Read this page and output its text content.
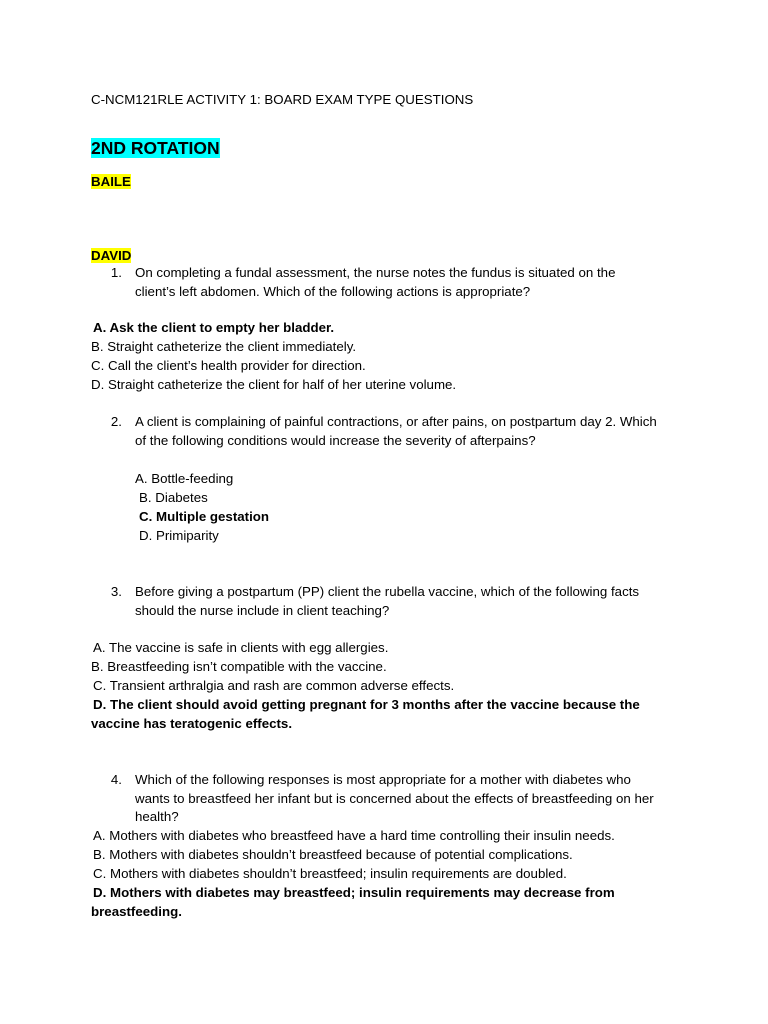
C-NCM121RLE ACTIVITY 1: BOARD EXAM TYPE QUESTIONS
2ND ROTATION
BAILE
DAVID
1. On completing a fundal assessment, the nurse notes the fundus is situated on the
client’s left abdomen. Which of the following actions is appropriate?
A. Ask the client to empty her bladder.
B. Straight catheterize the client immediately.
C. Call the client’s health provider for direction.
D. Straight catheterize the client for half of her uterine volume.
2. A client is complaining of painful contractions, or after pains, on postpartum day 2. Which
of the following conditions would increase the severity of afterpains?
A. Bottle-feeding
B. Diabetes
C. Multiple gestation
D. Primiparity
3. Before giving a postpartum (PP) client the rubella vaccine, which of the following facts
should the nurse include in client teaching?
A. The vaccine is safe in clients with egg allergies.
B. Breastfeeding isn’t compatible with the vaccine.
C. Transient arthralgia and rash are common adverse effects.
D. The client should avoid getting pregnant for 3 months after the vaccine because the
vaccine has teratogenic effects.
4. Which of the following responses is most appropriate for a mother with diabetes who
wants to breastfeed her infant but is concerned about the effects of breastfeeding on her
health?
A. Mothers with diabetes who breastfeed have a hard time controlling their insulin needs.
B. Mothers with diabetes shouldn’t breastfeed because of potential complications.
C. Mothers with diabetes shouldn’t breastfeed; insulin requirements are doubled.
D. Mothers with diabetes may breastfeed; insulin requirements may decrease from
breastfeeding.
